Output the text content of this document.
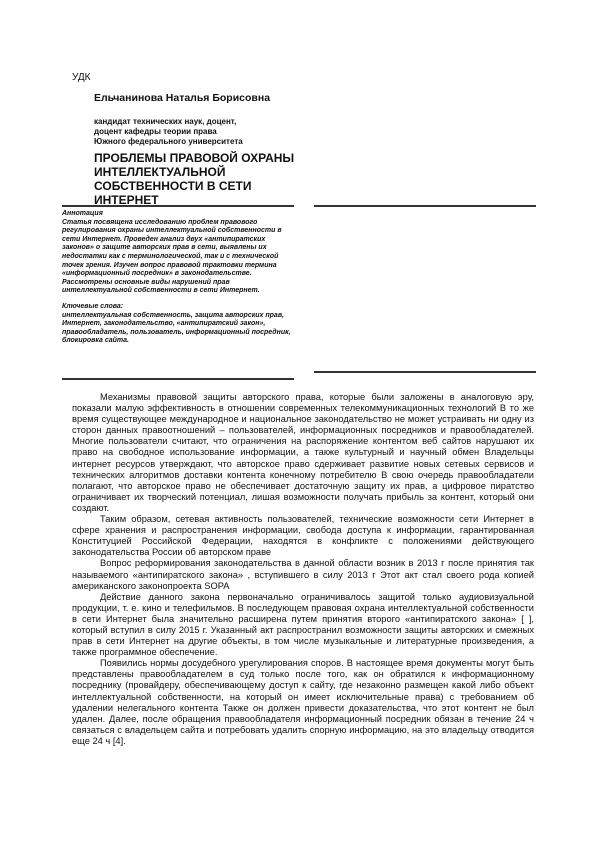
УДК
Ельчанинова Наталья Борисовна
кандидат технических наук, доцент,
доцент кафедры теории права
Южного федерального университета
ПРОБЛЕМЫ ПРАВОВОЙ ОХРАНЫ ИНТЕЛЛЕКТУАЛЬНОЙ СОБСТВЕННОСТИ В СЕТИ ИНТЕРНЕТ
Аннотация

Статья посвящена исследованию проблем правового регулирования охраны интеллектуальной собственности в сети Интернет. Проведен анализ двух «антипиратских законов» о защите авторских прав в сети, выявлены их недостатки как с терминологической, так и с технической точек зрения. Изучен вопрос правовой трактовки термина «информационный посредник» в законодательстве. Рассмотрены основные виды нарушений прав интеллектуальной собственности в сети Интернет.

Ключевые слова:

интеллектуальная собственность, защита авторских прав, Интернет, законодательство, «антипиратский закон», правообладатель, пользователь, информационный посредник, блокировка сайта.

Механизмы правовой защиты авторского права, которые были заложены в аналоговую эру, показали малую эффективность в отношении современных телекоммуникационных технологий В то же время существующее международное и национальное законодательство не может устраивать ни одну из сторон данных правоотношений – пользователей, информационных посредников и правообладателей. Многие пользователи считают, что ограничения на распоряжение контентом веб сайтов нарушают их право на свободное использование информации, а также культурный и научный обмен Владельцы интернет ресурсов утверждают, что авторское право сдерживает развитие новых сетевых сервисов и технических алгоритмов доставки контента конечному потребителю В свою очередь правообладатели полагают, что авторское право не обеспечивает достаточную защиту их прав, а цифровое пиратство ограничивает их творческий потенциал, лишая возможности получать прибыль за контент, который они создают.

Таким образом, сетевая активность пользователей, технические возможности сети Интернет в сфере хранения и распространения информации, свобода доступа к информации, гарантированная Конституцией Российской Федерации, находятся в конфликте с положениями действующего законодательства России об авторском праве

Вопрос реформирования законодательства в данной области возник в 2013 г после принятия так называемого «антипиратского закона» , вступившего в силу 2013 г Этот акт стал своего рода копией американского законопроекта SOPA

Действие данного закона первоначально ограничивалось защитой только аудиовизуальной продукции, т. е. кино и телефильмов. В последующем правовая охрана интеллектуальной собственности в сети Интернет была значительно расширена путем принятия второго «антипиратского закона» [ ], который вступил в силу 2015 г. Указанный акт распространил возможности защиты авторских и смежных прав в сети Интернет на другие объекты, в том числе музыкальные и литературные произведения, а также программное обеспечение.

Появились нормы досудебного урегулирования споров. В настоящее время документы могут быть представлены правообладателем в суд только после того, как он обратился к информационному посреднику (провайдеру, обеспечивающему доступ к сайту, где незаконно размещен какой либо объект интеллектуальной собственности, на который он имеет исключительные права) с требованием об удалении нелегального контента Также он должен привести доказательства, что этот контент не был удален. Далее, после обращения правообладателя информационный посредник обязан в течение 24 ч связаться с владельцем сайта и потребовать удалить спорную информацию, на это владельцу отводится еще 24 ч [4].
